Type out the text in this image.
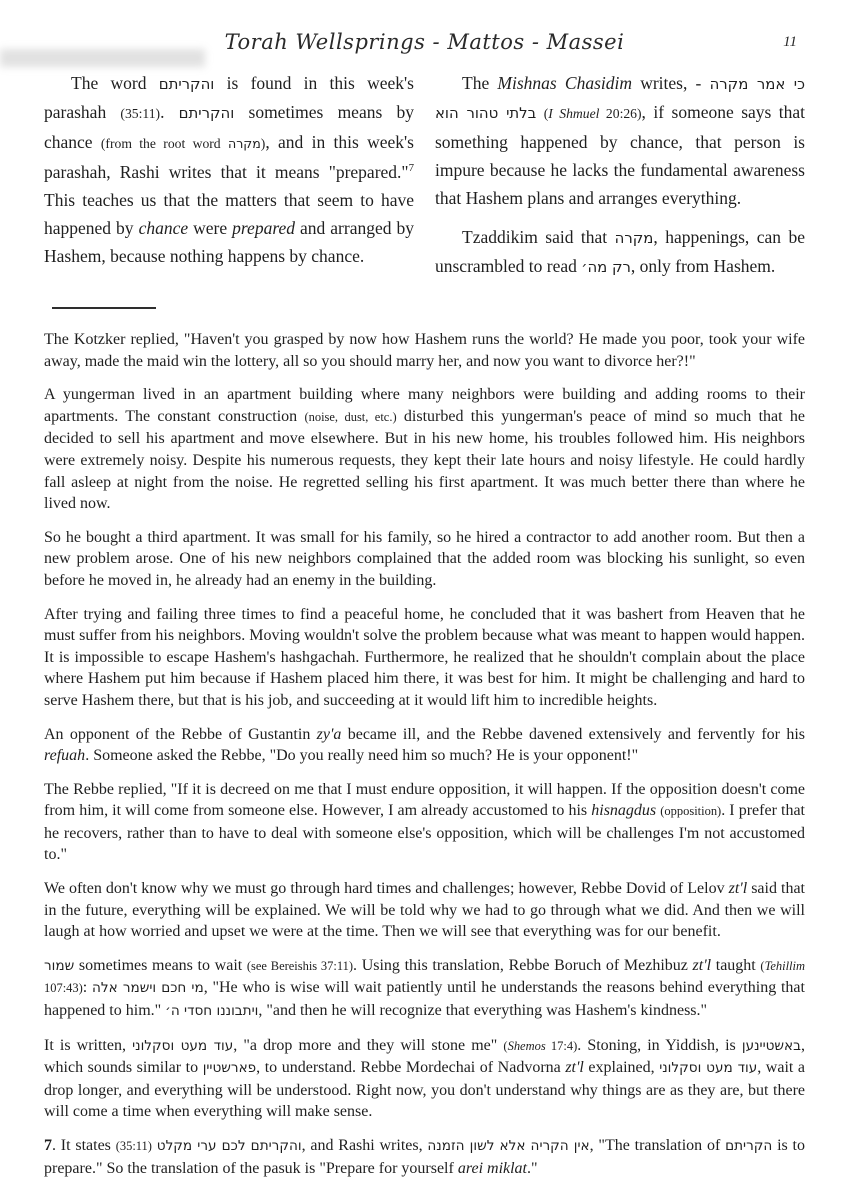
Torah Wellsprings - Mattos - Massei	11

The word והקריתם is found in this week's parashah (35:11). והקריתם sometimes means by chance (from the root word מקרה), and in this week's parashah, Rashi writes that it means "prepared."$^7$ This teaches us that the matters that seem to have happened by chance were prepared and arranged by Hashem, because nothing happens by chance.

The Mishnas Chasidim writes, - כי אמר מקרה בלתי טהור הוא (I Shmuel 20:26), if someone says that something happened by chance, that person is impure because he lacks the fundamental awareness that Hashem plans and arranges everything.

Tzaddikim said that מקרה, happenings, can be unscrambled to read רק מה׳, only from Hashem.

The Kotzker replied, "Haven't you grasped by now how Hashem runs the world? He made you poor, took your wife away, made the maid win the lottery, all so you should marry her, and now you want to divorce her?!"

A yungerman lived in an apartment building where many neighbors were building and adding rooms to their apartments. The constant construction (noise, dust, etc.) disturbed this yungerman's peace of mind so much that he decided to sell his apartment and move elsewhere. But in his new home, his troubles followed him. His neighbors were extremely noisy. Despite his numerous requests, they kept their late hours and noisy lifestyle. He could hardly fall asleep at night from the noise. He regretted selling his first apartment. It was much better there than where he lived now.

So he bought a third apartment. It was small for his family, so he hired a contractor to add another room. But then a new problem arose. One of his new neighbors complained that the added room was blocking his sunlight, so even before he moved in, he already had an enemy in the building.

After trying and failing three times to find a peaceful home, he concluded that it was bashert from Heaven that he must suffer from his neighbors. Moving wouldn't solve the problem because what was meant to happen would happen. It is impossible to escape Hashem's hashgachah. Furthermore, he realized that he shouldn't complain about the place where Hashem put him because if Hashem placed him there, it was best for him. It might be challenging and hard to serve Hashem there, but that is his job, and succeeding at it would lift him to incredible heights.

An opponent of the Rebbe of Gustantin zy'a became ill, and the Rebbe davened extensively and fervently for his refuah. Someone asked the Rebbe, "Do you really need him so much? He is your opponent!"

The Rebbe replied, "If it is decreed on me that I must endure opposition, it will happen. If the opposition doesn't come from him, it will come from someone else. However, I am already accustomed to his hisnagdus (opposition). I prefer that he recovers, rather than to have to deal with someone else's opposition, which will be challenges I'm not accustomed to."

We often don't know why we must go through hard times and challenges; however, Rebbe Dovid of Lelov zt'l said that in the future, everything will be explained. We will be told why we had to go through what we did. And then we will laugh at how worried and upset we were at the time. Then we will see that everything was for our benefit.

שמור sometimes means to wait (see Bereishis 37:11). Using this translation, Rebbe Boruch of Mezhibuz zt'l taught (Tehillim 107:43): מי חכם וישמר אלה, "He who is wise will wait patiently until he understands the reasons behind everything that happened to him." ויתבוננו חסדי ה׳, "and then he will recognize that everything was Hashem's kindness."

It is written, עוד מעט וסקלוני, "a drop more and they will stone me" (Shemos 17:4). Stoning, in Yiddish, is באשטיינען, which sounds similar to פארשטיין, to understand. Rebbe Mordechai of Nadvorna zt'l explained, עוד מעט וסקלוני, wait a drop longer, and everything will be understood. Right now, you don't understand why things are as they are, but there will come a time when everything will make sense.

7. It states (35:11) והקריתם לכם ערי מקלט, and Rashi writes, אין הקריה אלא לשון הזמנה, "The translation of הקריתם is to prepare." So the translation of the pasuk is "Prepare for yourself arei miklat."
